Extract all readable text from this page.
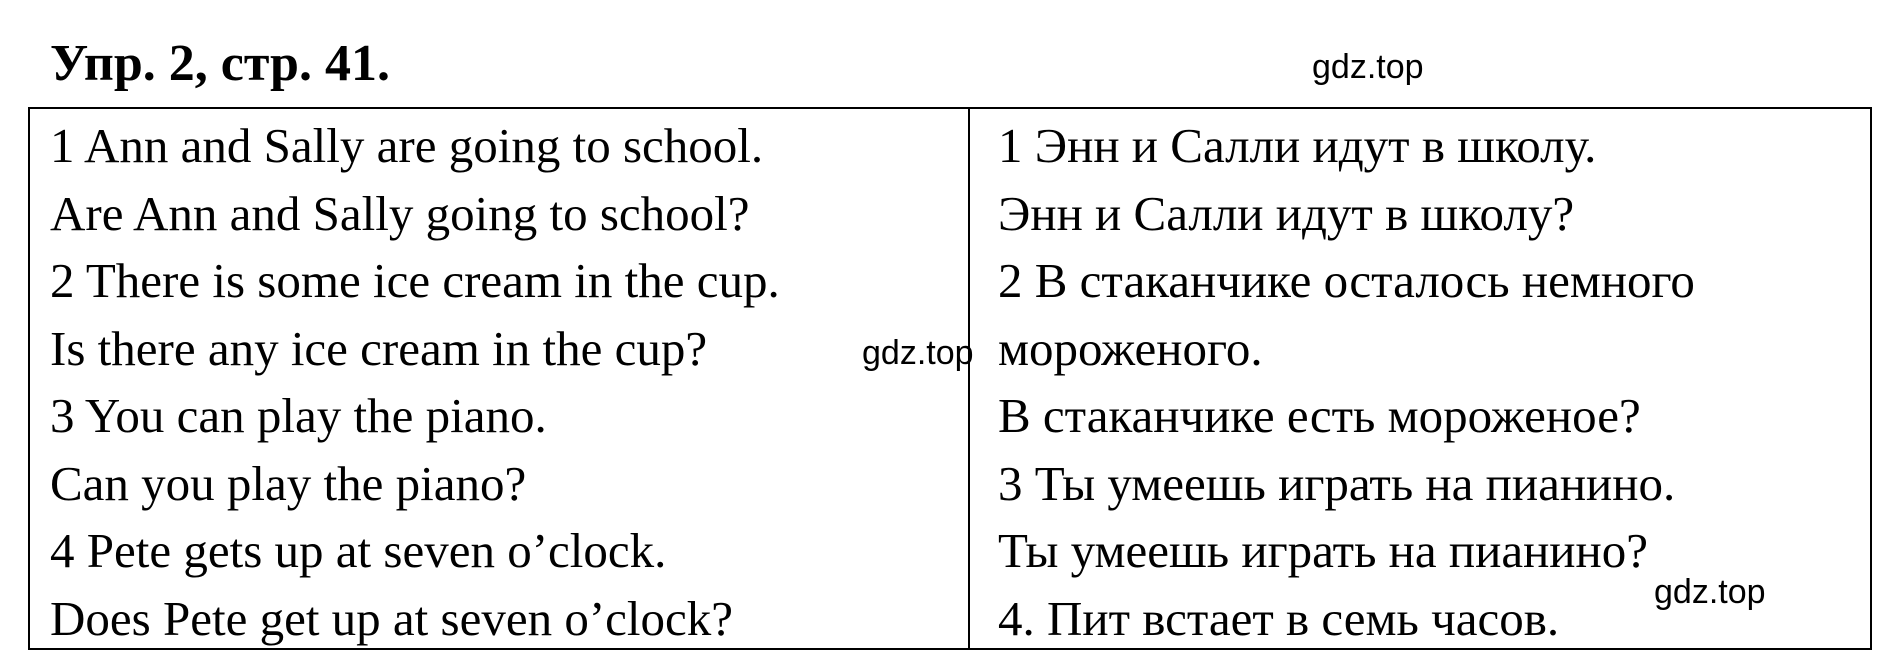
Упр. 2, стр. 41.	gdz.top
1 Ann and Sally are going to school.
Are Ann and Sally going to school?
2 There is some ice cream in the cup.
Is there any ice cream in the cup?
3 You can play the piano.
Can you play the piano?
4 Pete gets up at seven o’clock.
Does Pete get up at seven o’clock?
1 Энн и Салли идут в школу.
Энн и Салли идут в школу?
2 В стаканчике осталось немного
мороженого.
В стаканчике есть мороженое?
3 Ты умеешь играть на пианино.
Ты умеешь играть на пианино?
4. Пит встает в семь часов.
gdz.top
gdz.top
